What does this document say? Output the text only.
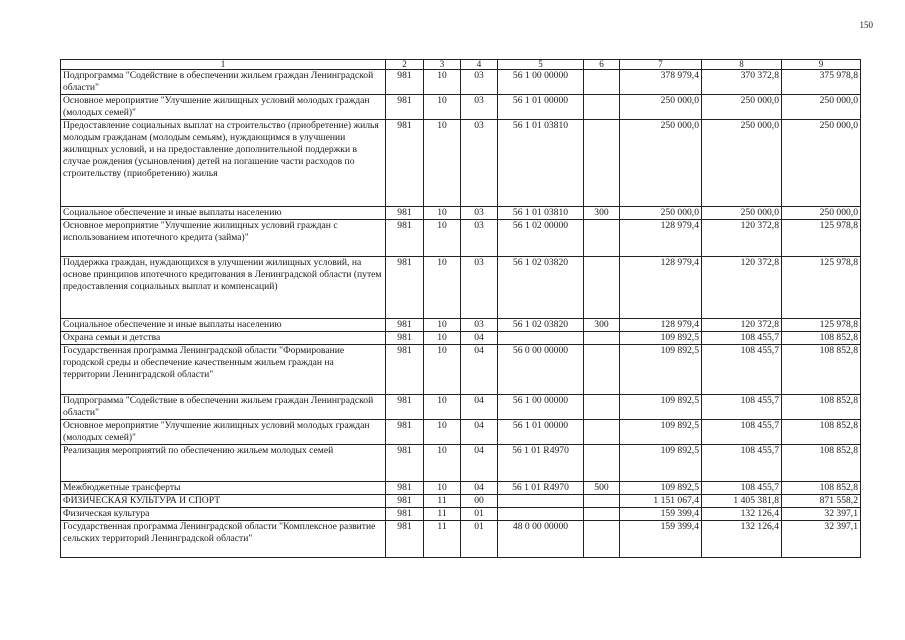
150
1	2	3	4	5	6	7	8	9
Подпрограмма "Содействие в обеспечении жильем граждан Ленинградской области"	981	10	03	56 1 00 00000		378 979,4	370 372,8	375 978,8
Основное мероприятие "Улучшение жилищных условий молодых граждан (молодых семей)"	981	10	03	56 1 01 00000		250 000,0	250 000,0	250 000,0
Предоставление социальных выплат на строительство (приобретение) жилья молодым гражданам (молодым семьям), нуждающимся в улучшении жилищных условий, и на предоставление дополнительной поддержки в случае рождения (усыновления) детей на погашение части расходов по строительству (приобретению) жилья	981	10	03	56 1 01 03810		250 000,0	250 000,0	250 000,0
Социальное обеспечение и иные выплаты населению	981	10	03	56 1 01 03810	300	250 000,0	250 000,0	250 000,0
Основное мероприятие "Улучшение жилищных условий граждан с использованием ипотечного кредита (займа)"	981	10	03	56 1 02 00000		128 979,4	120 372,8	125 978,8
Поддержка граждан, нуждающихся в улучшении жилищных условий, на основе принципов ипотечного кредитования в Ленинградской области (путем предоставления социальных выплат и компенсаций)	981	10	03	56 1 02 03820		128 979,4	120 372,8	125 978,8
Социальное обеспечение и иные выплаты населению	981	10	03	56 1 02 03820	300	128 979,4	120 372,8	125 978,8
Охрана семьи и детства	981	10	04			109 892,5	108 455,7	108 852,8
Государственная программа Ленинградской области "Формирование городской среды и обеспечение качественным жильем граждан на территории Ленинградской области"	981	10	04	56 0 00 00000		109 892,5	108 455,7	108 852,8
Подпрограмма "Содействие в обеспечении жильем граждан Ленинградской области"	981	10	04	56 1 00 00000		109 892,5	108 455,7	108 852,8
Основное мероприятие "Улучшение жилищных условий молодых граждан (молодых семей)"	981	10	04	56 1 01 00000		109 892,5	108 455,7	108 852,8
Реализация мероприятий по обеспечению жильем молодых семей	981	10	04	56 1 01 R4970		109 892,5	108 455,7	108 852,8
Межбюджетные трансферты	981	10	04	56 1 01 R4970	500	109 892,5	108 455,7	108 852,8
ФИЗИЧЕСКАЯ КУЛЬТУРА И СПОРТ	981	11	00			1 151 067,4	1 405 381,8	871 558,2
Физическая культура	981	11	01			159 399,4	132 126,4	32 397,1
Государственная программа Ленинградской области "Комплексное развитие сельских территорий Ленинградской области"	981	11	01	48 0 00 00000		159 399,4	132 126,4	32 397,1
